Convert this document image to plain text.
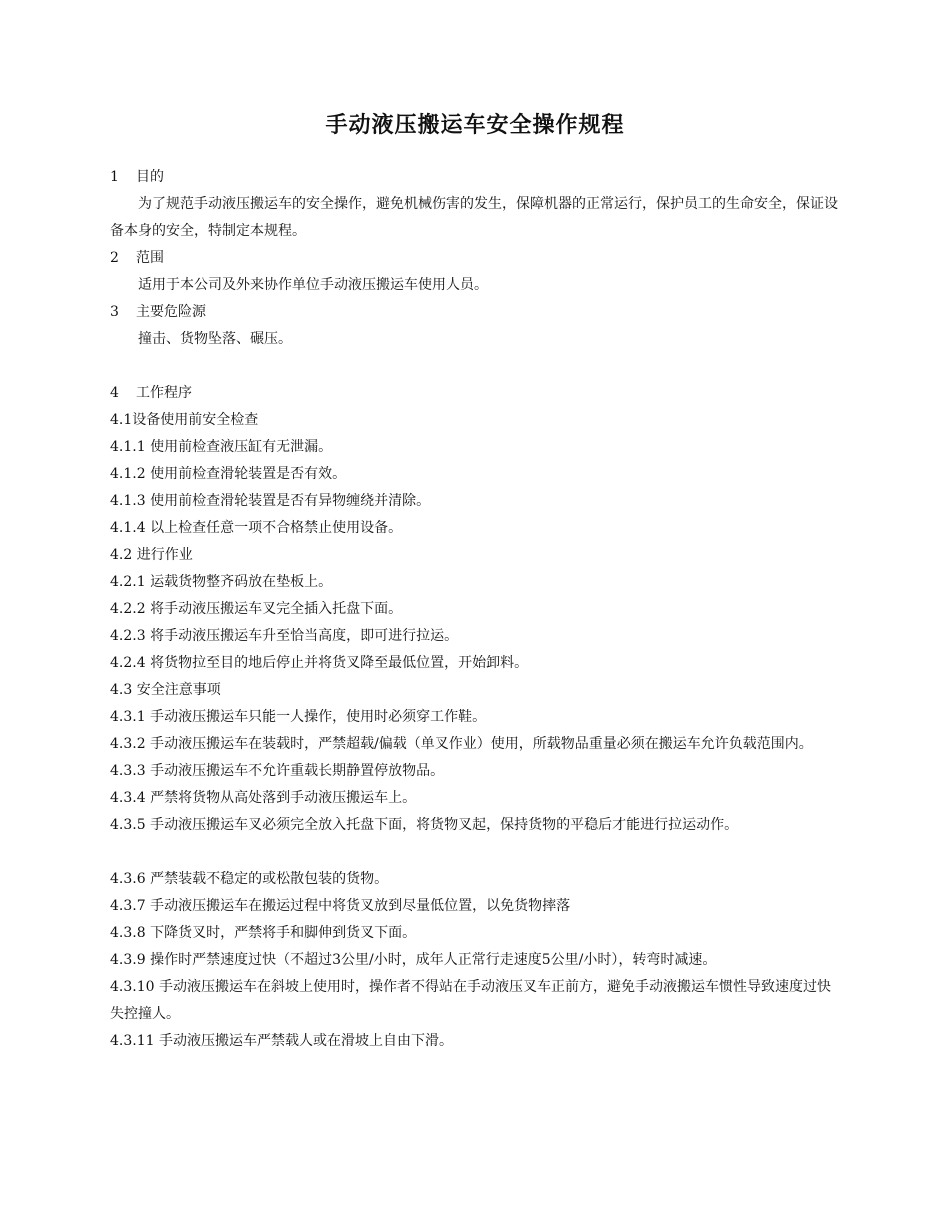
手动液压搬运车安全操作规程
1 目的
为了规范手动液压搬运车的安全操作，避免机械伤害的发生，保障机器的正常运行，保护员工的生命安全，保证设备本身的安全，特制定本规程。
2 范围
适用于本公司及外来协作单位手动液压搬运车使用人员。
3 主要危险源
撞击、货物坠落、碾压。
4 工作程序
4.1设备使用前安全检查
4.1.1 使用前检查液压缸有无泄漏。
4.1.2 使用前检查滑轮装置是否有效。
4.1.3 使用前检查滑轮装置是否有异物缠绕并清除。
4.1.4 以上检查任意一项不合格禁止使用设备。
4.2 进行作业
4.2.1 运载货物整齐码放在垫板上。
4.2.2 将手动液压搬运车叉完全插入托盘下面。
4.2.3 将手动液压搬运车升至恰当高度，即可进行拉运。
4.2.4 将货物拉至目的地后停止并将货叉降至最低位置，开始卸料。
4.3 安全注意事项
4.3.1 手动液压搬运车只能一人操作，使用时必须穿工作鞋。
4.3.2 手动液压搬运车在装载时，严禁超载/偏载（单叉作业）使用，所载物品重量必须在搬运车允许负载范围内。
4.3.3 手动液压搬运车不允许重载长期静置停放物品。
4.3.4 严禁将货物从高处落到手动液压搬运车上。
4.3.5 手动液压搬运车叉必须完全放入托盘下面，将货物叉起，保持货物的平稳后才能进行拉运动作。
4.3.6 严禁装载不稳定的或松散包装的货物。
4.3.7 手动液压搬运车在搬运过程中将货叉放到尽量低位置，以免货物摔落
4.3.8 下降货叉时，严禁将手和脚伸到货叉下面。
4.3.9 操作时严禁速度过快（不超过3公里/小时，成年人正常行走速度5公里/小时），转弯时减速。
4.3.10 手动液压搬运车在斜坡上使用时，操作者不得站在手动液压叉车正前方，避免手动液搬运车惯性导致速度过快失控撞人。
4.3.11 手动液压搬运车严禁载人或在滑坡上自由下滑。
